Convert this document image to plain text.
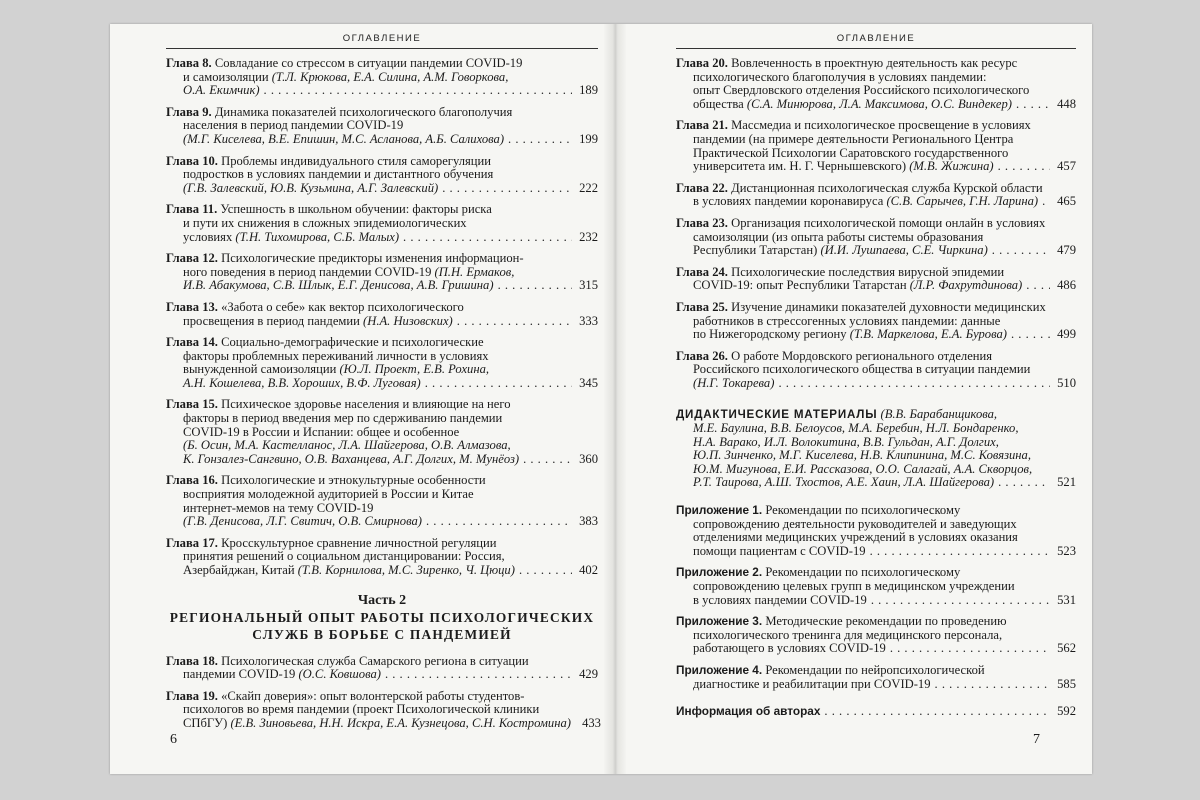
ОГЛАВЛЕНИЕ
Глава 8. Совладание со стрессом в ситуации пандемии COVID-19
и самоизоляции (Т.Л. Крюкова, Е.А. Силина, А.М. Говоркова,
О.А. Екимчик) . . .	189
Глава 9. Динамика показателей психологического благополучия
населения в период пандемии COVID-19
(М.Г. Киселева, В.Е. Епишин, М.С. Асланова, А.Б. Салихова) . . .	199
Глава 10. Проблемы индивидуального стиля саморегуляции
подростков в условиях пандемии и дистантного обучения
(Г.В. Залевский, Ю.В. Кузьмина, А.Г. Залевский) . . .	222
Глава 11. Успешность в школьном обучении: факторы риска
и пути их снижения в сложных эпидемиологических
условиях (Т.Н. Тихомирова, С.Б. Малых) . . .	232
Глава 12. Психологические предикторы изменения информацион-
ного поведения в период пандемии COVID-19 (П.Н. Ермаков,
И.В. Абакумова, С.В. Шлык, Е.Г. Денисова, А.В. Гришина) . . .	315
Глава 13. «Забота о себе» как вектор психологического
просвещения в период пандемии (Н.А. Низовских) . . .	333
Глава 14. Социально-демографические и психологические
факторы проблемных переживаний личности в условиях
вынужденной самоизоляции (Ю.Л. Проект, Е.В. Рохина,
А.Н. Кошелева, В.В. Хороших, В.Ф. Луговая) . . .	345
Глава 15. Психическое здоровье населения и влияющие на него
факторы в период введения мер по сдерживанию пандемии
COVID-19 в России и Испании: общее и особенное
(Б. Осин, М.А. Кастелланос, Л.А. Шайгерова, О.В. Алмазова,
К. Гонзалез-Сангвино, О.В. Ваханцева, А.Г. Долгих, М. Мунёоз) . . .	360
Глава 16. Психологические и этнокультурные особенности
восприятия молодежной аудиторией в России и Китае
интернет-мемов на тему COVID-19
(Г.В. Денисова, Л.Г. Свитич, О.В. Смирнова) . . .	383
Глава 17. Кросскультурное сравнение личностной регуляции
принятия решений о социальном дистанцировании: Россия,
Азербайджан, Китай (Т.В. Корнилова, М.С. Зиренко, Ч. Цюци) . . .	402
Часть 2
РЕГИОНАЛЬНЫЙ ОПЫТ РАБОТЫ ПСИХОЛОГИЧЕСКИХ
СЛУЖБ В БОРЬБЕ С ПАНДЕМИЕЙ
Глава 18. Психологическая служба Самарского региона в ситуации
пандемии COVID-19 (О.С. Ковшова) . . .	429
Глава 19. «Скайп доверия»: опыт волонтерской работы студентов-
психологов во время пандемии (проект Психологической клиники
СПбГУ) (Е.В. Зиновьева, Н.Н. Искра, Е.А. Кузнецова, С.Н. Костромина) 433
6
ОГЛАВЛЕНИЕ
Глава 20. Вовлеченность в проектную деятельность как ресурс
психологического благополучия в условиях пандемии:
опыт Свердловского отделения Российского психологического
общества (С.А. Минюрова, Л.А. Максимова, О.С. Виндекер) . . .	448
Глава 21. Массмедиа и психологическое просвещение в условиях
пандемии (на примере деятельности Регионального Центра
Практической Психологии Саратовского государственного
университета им. Н. Г. Чернышевского) (М.В. Жижина) . . .	457
Глава 22. Дистанционная психологическая служба Курской области
в условиях пандемии коронавируса (С.В. Сарычев, Г.Н. Ларина) . . . 465
Глава 23. Организация психологической помощи онлайн в условиях
самоизоляции (из опыта работы системы образования
Республики Татарстан) (И.И. Лушпаева, С.Е. Чиркина) . . .	479
Глава 24. Психологические последствия вирусной эпидемии
COVID-19: опыт Республики Татарстан (Л.Р. Фахрутдинова) . . .	486
Глава 25. Изучение динамики показателей духовности медицинских
работников в стрессогенных условиях пандемии: данные
по Нижегородскому региону (Т.В. Маркелова, Е.А. Бурова) . . .	499
Глава 26. О работе Мордовского регионального отделения
Российского психологического общества в ситуации пандемии
(Н.Г. Токарева) . . .	510
ДИДАКТИЧЕСКИЕ МАТЕРИАЛЫ (В.В. Барабанщикова,
М.Е. Баулина, В.В. Белоусов, М.А. Беребин, Н.Л. Бондаренко,
Н.А. Варако, И.Л. Волокитина, В.В. Гульдан, А.Г. Долгих,
Ю.П. Зинченко, М.Г. Киселева, Н.В. Клипинина, М.С. Ковязина,
Ю.М. Мигунова, Е.И. Рассказова, О.О. Салагай, А.А. Скворцов,
Р.Т. Таирова, А.Ш. Тхостов, А.Е. Хаин, Л.А. Шайгерова) . . .	521
Приложение 1. Рекомендации по психологическому
сопровождению деятельности руководителей и заведующих
отделениями медицинских учреждений в условиях оказания
помощи пациентам с COVID-19 . . .	523
Приложение 2. Рекомендации по психологическому
сопровождению целевых групп в медицинском учреждении
в условиях пандемии COVID-19 . . .	531
Приложение 3. Методические рекомендации по проведению
психологического тренинга для медицинского персонала,
работающего в условиях COVID-19 . . .	562
Приложение 4. Рекомендации по нейропсихологической
диагностике и реабилитации при COVID-19 . . .	585
Информация об авторах . . .	592
7
